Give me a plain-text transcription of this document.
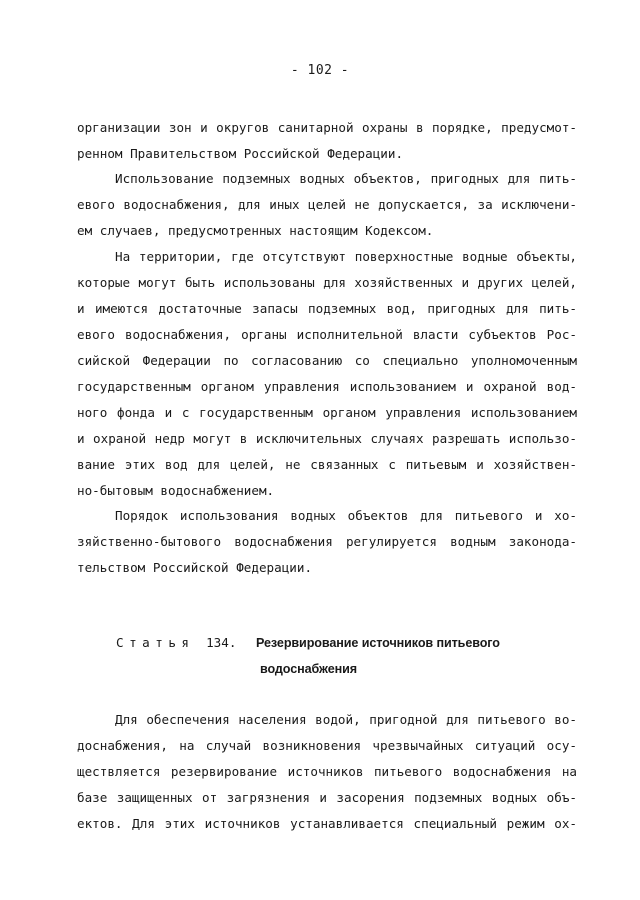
- 102 -
организации зон и округов санитарной охраны в порядке, предусмот-
ренном Правительством Российской Федерации.
Использование подземных водных объектов, пригодных для пить-
евого водоснабжения, для иных целей не допускается, за исключени-
ем случаев, предусмотренных настоящим Кодексом.
На территории, где отсутствуют поверхностные водные объекты,
которые могут быть использованы для хозяйственных и других целей,
и имеются достаточные запасы подземных вод, пригодных для пить-
евого водоснабжения, органы исполнительной власти субъектов Рос-
сийской Федерации по согласованию со специально уполномоченным
государственным органом управления использованием и охраной вод-
ного фонда и с государственным органом управления использованием
и охраной недр могут в исключительных случаях разрешать использо-
вание этих вод для целей, не связанных с питьевым и хозяйствен-
но-бытовым водоснабжением.
Порядок использования водных объектов для питьевого и хо-
зяйственно-бытового водоснабжения регулируется водным законода-
тельством Российской Федерации.
Статья 134. Резервирование источников питьевого
водоснабжения
Для обеспечения населения водой, пригодной для питьевого во-
доснабжения, на случай возникновения чрезвычайных ситуаций осу-
ществляется резервирование источников питьевого водоснабжения на
базе защищенных от загрязнения и засорения подземных водных объ-
ектов. Для этих источников устанавливается специальный режим ох-
